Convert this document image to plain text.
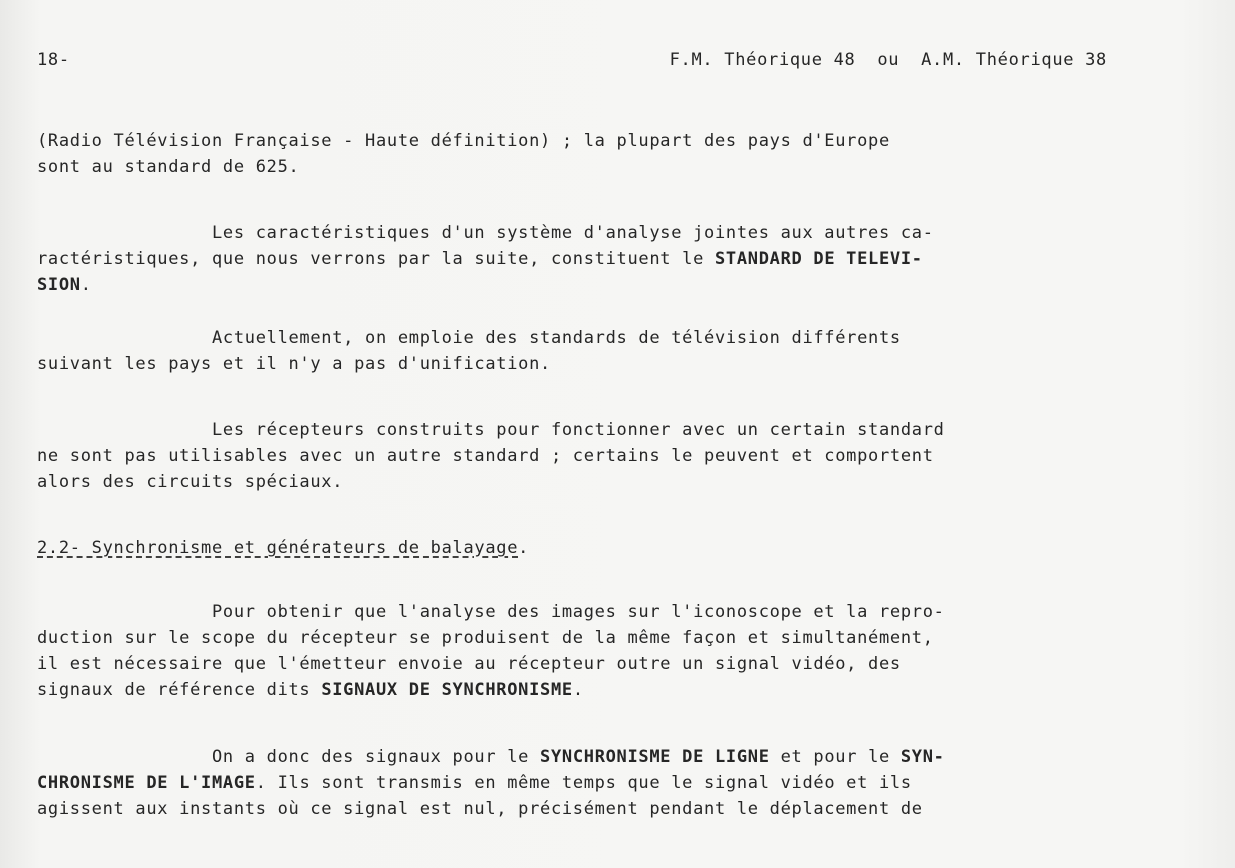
18-	F.M. Théorique 48  ou  A.M. Théorique 38
(Radio Télévision Française - Haute définition) ; la plupart des pays d'Europe
sont au standard de 625.
Les caractéristiques d'un système d'analyse jointes aux autres ca-
ractéristiques, que nous verrons par la suite, constituent le STANDARD DE TELEVI-
SION.
Actuellement, on emploie des standards de télévision différents
suivant les pays et il n'y a pas d'unification.
Les récepteurs construits pour fonctionner avec un certain standard
ne sont pas utilisables avec un autre standard ; certains le peuvent et comportent
alors des circuits spéciaux.
2.2- Synchronisme et générateurs de balayage.
Pour obtenir que l'analyse des images sur l'iconoscope et la repro-
duction sur le scope du récepteur se produisent de la même façon et simultanément,
il est nécessaire que l'émetteur envoie au récepteur outre un signal vidéo, des
signaux de référence dits SIGNAUX DE SYNCHRONISME.
On a donc des signaux pour le SYNCHRONISME DE LIGNE et pour le SYN-
CHRONISME DE L'IMAGE. Ils sont transmis en même temps que le signal vidéo et ils
agissent aux instants où ce signal est nul, précisément pendant le déplacement de
